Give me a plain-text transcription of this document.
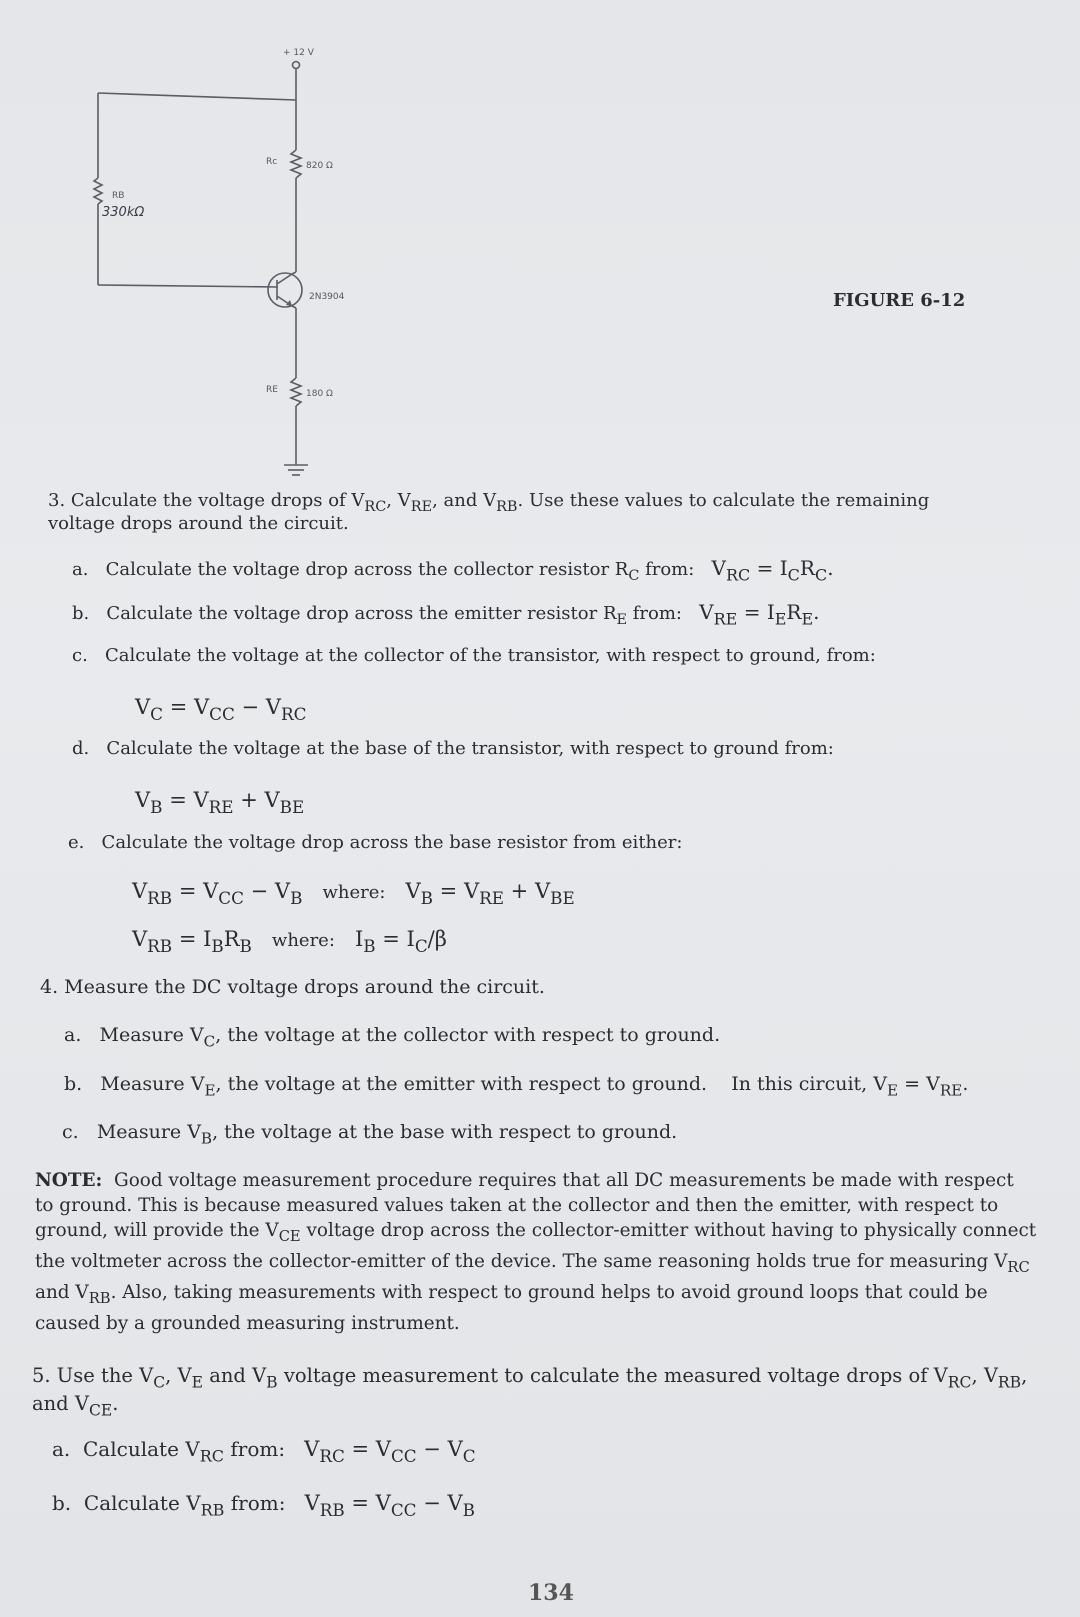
+ 12 V
Rc	820 Ω
RB
330kΩ
2N3904
RE	180 Ω
FIGURE 6-12
3. Calculate the voltage drops of $V_{RC}$, $V_{RE}$, and $V_{RB}$. Use these values to calculate the remaining
voltage drops around the circuit.
a. Calculate the voltage drop across the collector resistor $R_C$ from: $V_{RC} = I_CR_C$.
b. Calculate the voltage drop across the emitter resistor $R_E$ from: $V_{RE} = I_ER_E$.
c. Calculate the voltage at the collector of the transistor, with respect to ground, from:
$V_C = V_{CC} - V_{RC}$
d. Calculate the voltage at the base of the transistor, with respect to ground from:
$V_B = V_{RE} + V_{BE}$
e. Calculate the voltage drop across the base resistor from either:
$V_{RB} = V_{CC} - V_B$ where: $V_B = V_{RE} + V_{BE}$
$V_{RB} = I_BR_B$ where: $I_B = I_C/\beta$
4. Measure the DC voltage drops around the circuit.
a. Measure $V_C$, the voltage at the collector with respect to ground.
b. Measure $V_E$, the voltage at the emitter with respect to ground. In this circuit, $V_E = V_{RE}$.
c. Measure $V_B$, the voltage at the base with respect to ground.
NOTE: Good voltage measurement procedure requires that all DC measurements be made with respect
to ground. This is because measured values taken at the collector and then the emitter, with respect to
ground, will provide the $V_{CE}$ voltage drop across the collector-emitter without having to physically connect
the voltmeter across the collector-emitter of the device. The same reasoning holds true for measuring $V_{RC}$
and $V_{RB}$. Also, taking measurements with respect to ground helps to avoid ground loops that could be
caused by a grounded measuring instrument.
5. Use the $V_C$, $V_E$ and $V_B$ voltage measurement to calculate the measured voltage drops of $V_{RC}$, $V_{RB}$,
and $V_{CE}$.
a. Calculate $V_{RC}$ from: $V_{RC} = V_{CC} - V_C$
b. Calculate $V_{RB}$ from: $V_{RB} = V_{CC} - V_B$
134
